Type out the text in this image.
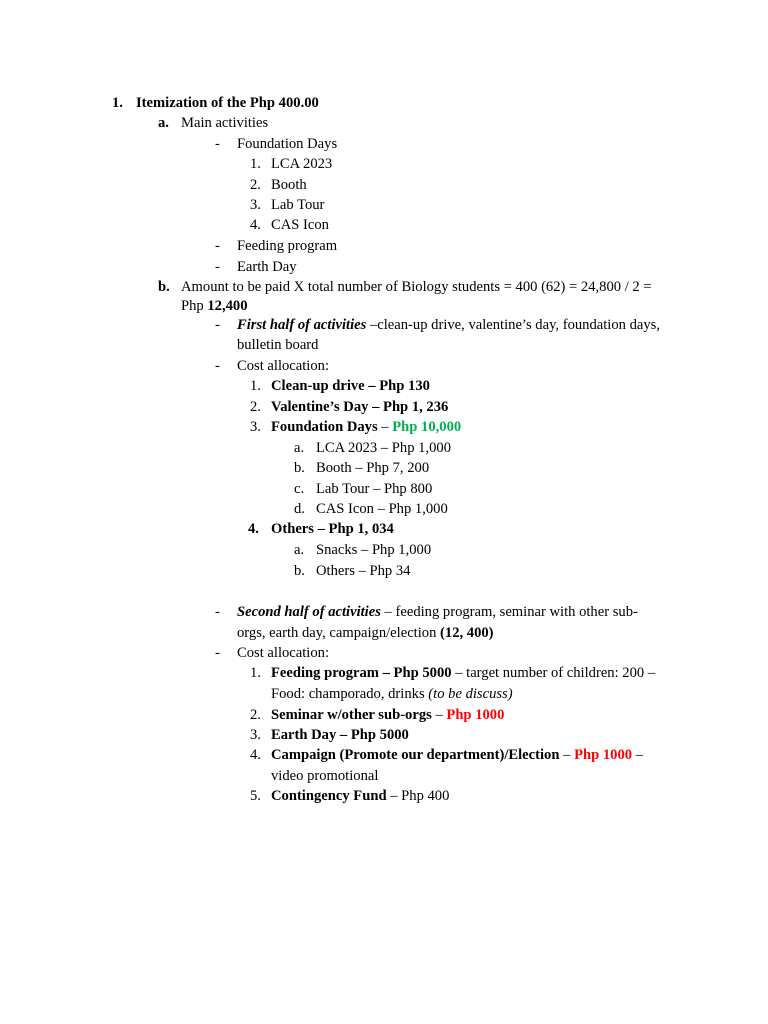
1. Itemization of the Php 400.00
a. Main activities
- Foundation Days
1. LCA 2023
2. Booth
3. Lab Tour
4. CAS Icon
- Feeding program
- Earth Day
b. Amount to be paid X total number of Biology students = 400 (62) = 24,800 / 2 =
Php 12,400
- First half of activities –clean-up drive, valentine’s day, foundation days,
bulletin board
- Cost allocation:
1. Clean-up drive – Php 130
2. Valentine’s Day – Php 1, 236
3. Foundation Days – Php 10,000
a. LCA 2023 – Php 1,000
b. Booth – Php 7, 200
c. Lab Tour – Php 800
d. CAS Icon – Php 1,000
4. Others – Php 1, 034
a. Snacks – Php 1,000
b. Others – Php 34
- Second half of activities – feeding program, seminar with other sub-
orgs, earth day, campaign/election (12, 400)
- Cost allocation:
1. Feeding program – Php 5000 – target number of children: 200 –
Food: champorado, drinks (to be discuss)
2. Seminar w/other sub-orgs – Php 1000
3. Earth Day – Php 5000
4. Campaign (Promote our department)/Election – Php 1000 –
video promotional
5. Contingency Fund – Php 400
